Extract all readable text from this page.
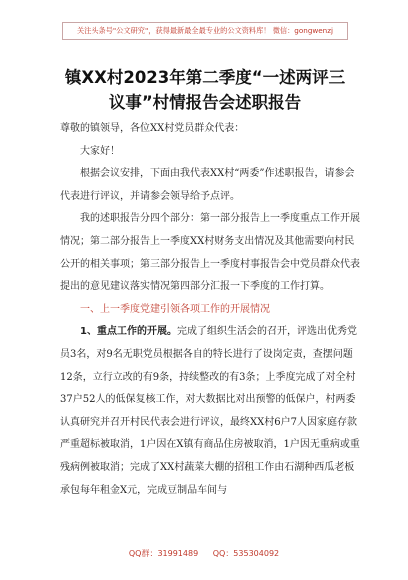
关注头条号"公文研究"，获得最新最全最专业的公文资料库！ 微信：gongwenzj
镇XX村2023年第二季度“一述两评三
议事”村情报告会述职报告

尊敬的镇领导，各位XX村党员群众代表：

大家好！

根据会议安排，下面由我代表XX村“两委”作述职报告，请参会代表进行评议，并请参会领导给予点评。

我的述职报告分四个部分：第一部分报告上一季度重点工作开展情况；第二部分报告上一季度XX村财务支出情况及其他需要向村民公开的相关事项；第三部分报告上一季度村事报告会中党员群众代表提出的意见建议落实情况第四部分汇报一下季度的工作打算。

一、上一季度党建引领各项工作的开展情况

1、重点工作的开展。完成了组织生活会的召开，评选出优秀党员3名，对9名无职党员根据各自的特长进行了设岗定责，查摆问题12条，立行立改的有9条，持续整改的有3条；上季度完成了对全村37户52人的低保复核工作，对大数据比对出预警的低保户，村两委认真研究并召开村民代表会进行评议，最终XX村6户7人因家庭存款严重超标被取消，1户因在X镇有商品住房被取消，1户因无重病或重残病例被取消；完成了XX村蔬菜大棚的招租工作由石湖种西瓜老板承包每年租金X元，完成豆制品车间与

QQ群：31991489 QQ：535304092
